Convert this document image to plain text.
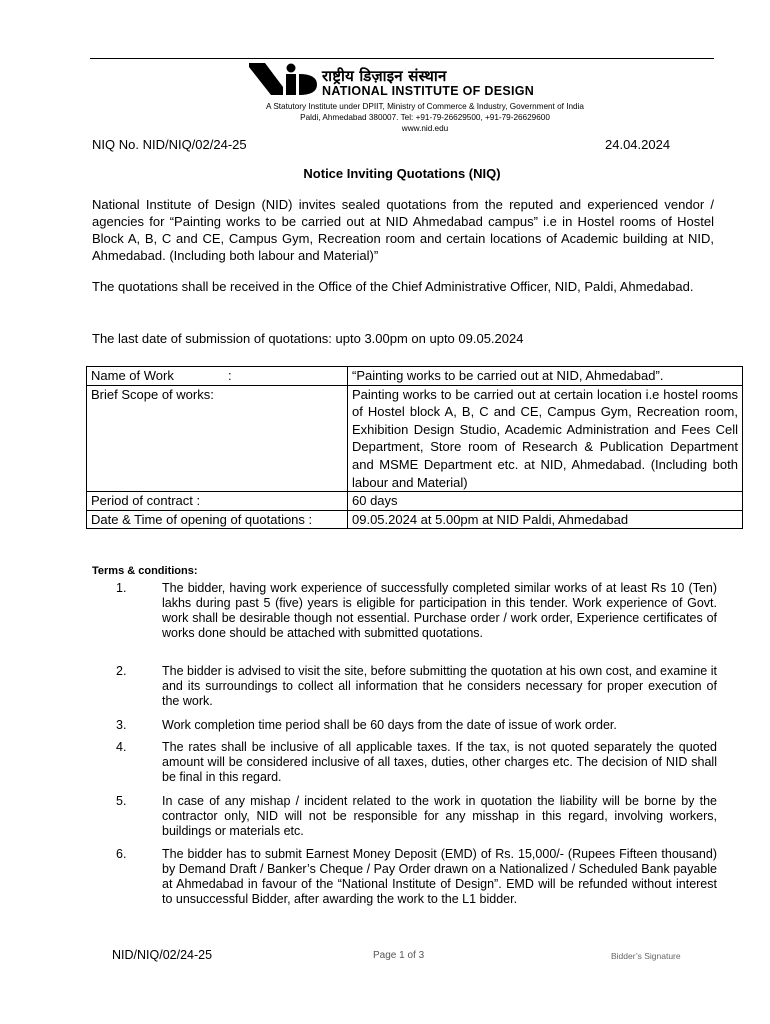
राष्ट्रीय डिज़ाइन संस्थान
NATIONAL INSTITUTE OF DESIGN
A Statutory Institute under DPIIT, Ministry of Commerce & Industry, Government of India
Paldi, Ahmedabad 380007. Tel: +91-79-26629500, +91-79-26629600
www.nid.edu
NIQ No. NID/NIQ/02/24-25	24.04.2024
Notice Inviting Quotations (NIQ)
National Institute of Design (NID) invites sealed quotations from the reputed and experienced vendor / agencies for “Painting works to be carried out at NID Ahmedabad campus” i.e in Hostel rooms of Hostel Block A, B, C and CE, Campus Gym, Recreation room and certain locations of Academic building at NID, Ahmedabad. (Including both labour and Material)”
The quotations shall be received in the Office of the Chief Administrative Officer, NID, Paldi, Ahmedabad.
The last date of submission of quotations: upto 3.00pm on upto 09.05.2024
Name of Work               :	“Painting works to be carried out at NID, Ahmedabad”.
Brief Scope of works:	Painting works to be carried out at certain location i.e hostel rooms of Hostel block A, B, C and CE, Campus Gym, Recreation room, Exhibition Design Studio, Academic Administration and Fees Cell Department, Store room of Research & Publication Department and MSME Department etc. at NID, Ahmedabad. (Including both labour and Material)
Period of contract :	60 days
Date & Time of opening of quotations :	09.05.2024 at 5.00pm at NID Paldi, Ahmedabad
Terms & conditions:
1.	The bidder, having work experience of successfully completed similar works of at least Rs 10 (Ten) lakhs during past 5 (five) years is eligible for participation in this tender. Work experience of Govt. work shall be desirable though not essential. Purchase order / work order, Experience certificates of works done should be attached with submitted quotations.
2.	The bidder is advised to visit the site, before submitting the quotation at his own cost, and examine it and its surroundings to collect all information that he considers necessary for proper execution of the work.
3.	Work completion time period shall be 60 days from the date of issue of work order.
4.	The rates shall be inclusive of all applicable taxes. If the tax, is not quoted separately the quoted amount will be considered inclusive of all taxes, duties, other charges etc. The decision of NID shall be final in this regard.
5.	In case of any mishap / incident related to the work in quotation the liability will be borne by the contractor only, NID will not be responsible for any misshap in this regard, involving workers, buildings or materials etc.
6.	The bidder has to submit Earnest Money Deposit (EMD) of Rs. 15,000/- (Rupees Fifteen thousand) by Demand Draft / Banker’s Cheque / Pay Order drawn on a Nationalized / Scheduled Bank payable at Ahmedabad in favour of the “National Institute of Design”. EMD will be refunded without interest to unsuccessful Bidder, after awarding the work to the L1 bidder.
NID/NIQ/02/24-25	Page 1 of 3	Bidder’s Signature
